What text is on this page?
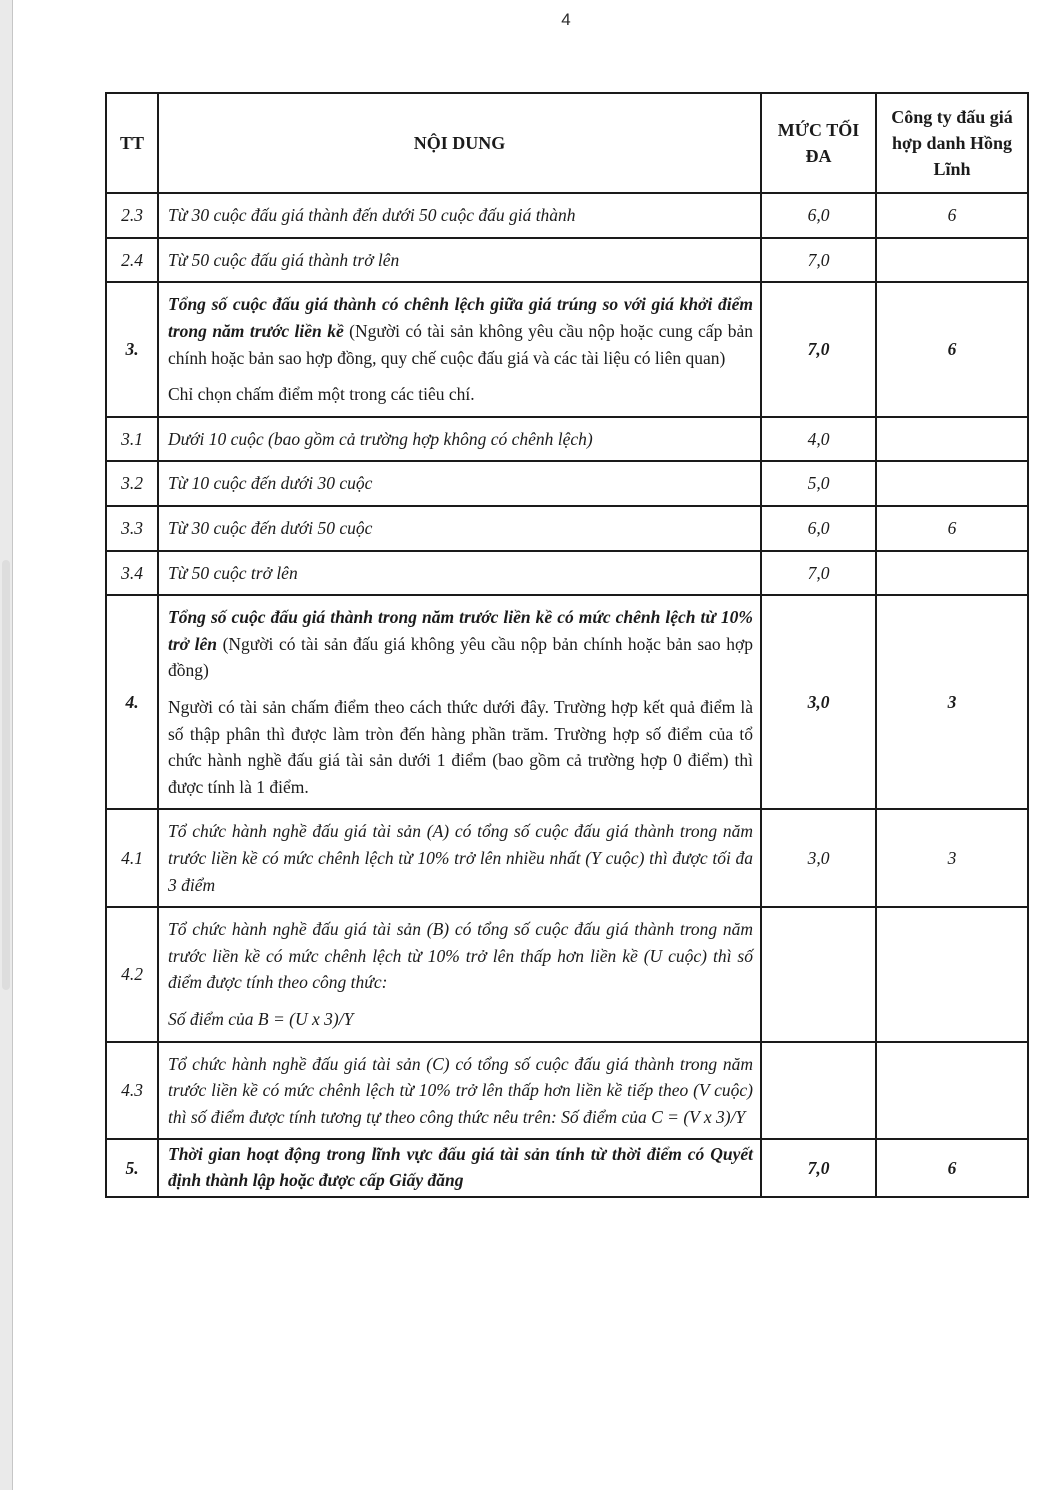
4
TT	NỘI DUNG	MỨC TỐI ĐA	Công ty đấu giá hợp danh Hồng Lĩnh
2.3	Từ 30 cuộc đấu giá thành đến dưới 50 cuộc đấu giá thành	6,0	6
2.4	Từ 50 cuộc đấu giá thành trở lên	7,0	
3.	Tổng số cuộc đấu giá thành có chênh lệch giữa giá trúng so với giá khởi điểm trong năm trước liền kề (Người có tài sản không yêu cầu nộp hoặc cung cấp bản chính hoặc bản sao hợp đồng, quy chế cuộc đấu giá và các tài liệu có liên quan)

Chỉ chọn chấm điểm một trong các tiêu chí.	7,0	6
3.1	Dưới 10 cuộc (bao gồm cả trường hợp không có chênh lệch)	4,0	
3.2	Từ 10 cuộc đến dưới 30 cuộc	5,0	
3.3	Từ 30 cuộc đến dưới 50 cuộc	6,0	6
3.4	Từ 50 cuộc trở lên	7,0	
4.	Tổng số cuộc đấu giá thành trong năm trước liền kề có mức chênh lệch từ 10% trở lên (Người có tài sản đấu giá không yêu cầu nộp bản chính hoặc bản sao hợp đồng)

Người có tài sản chấm điểm theo cách thức dưới đây. Trường hợp kết quả điểm là số thập phân thì được làm tròn đến hàng phần trăm. Trường hợp số điểm của tổ chức hành nghề đấu giá tài sản dưới 1 điểm (bao gồm cả trường hợp 0 điểm) thì được tính là 1 điểm.	3,0	3
4.1	Tổ chức hành nghề đấu giá tài sản (A) có tổng số cuộc đấu giá thành trong năm trước liền kề có mức chênh lệch từ 10% trở lên nhiều nhất (Y cuộc) thì được tối đa 3 điểm	3,0	3
4.2	Tổ chức hành nghề đấu giá tài sản (B) có tổng số cuộc đấu giá thành trong năm trước liền kề có mức chênh lệch từ 10% trở lên thấp hơn liền kề (U cuộc) thì số điểm được tính theo công thức:

Số điểm của B = (U x 3)/Y		

4.3	Tổ chức hành nghề đấu giá tài sản (C) có tổng số cuộc đấu giá thành trong năm trước liền kề có mức chênh lệch từ 10% trở lên thấp hơn liền kề tiếp theo (V cuộc) thì số điểm được tính tương tự theo công thức nêu trên: Số điểm của C = (V x 3)/Y		

5.	Thời gian hoạt động trong lĩnh vực đấu giá tài sản tính từ thời điểm có Quyết định thành lập hoặc được cấp Giấy đăng	7,0	6
